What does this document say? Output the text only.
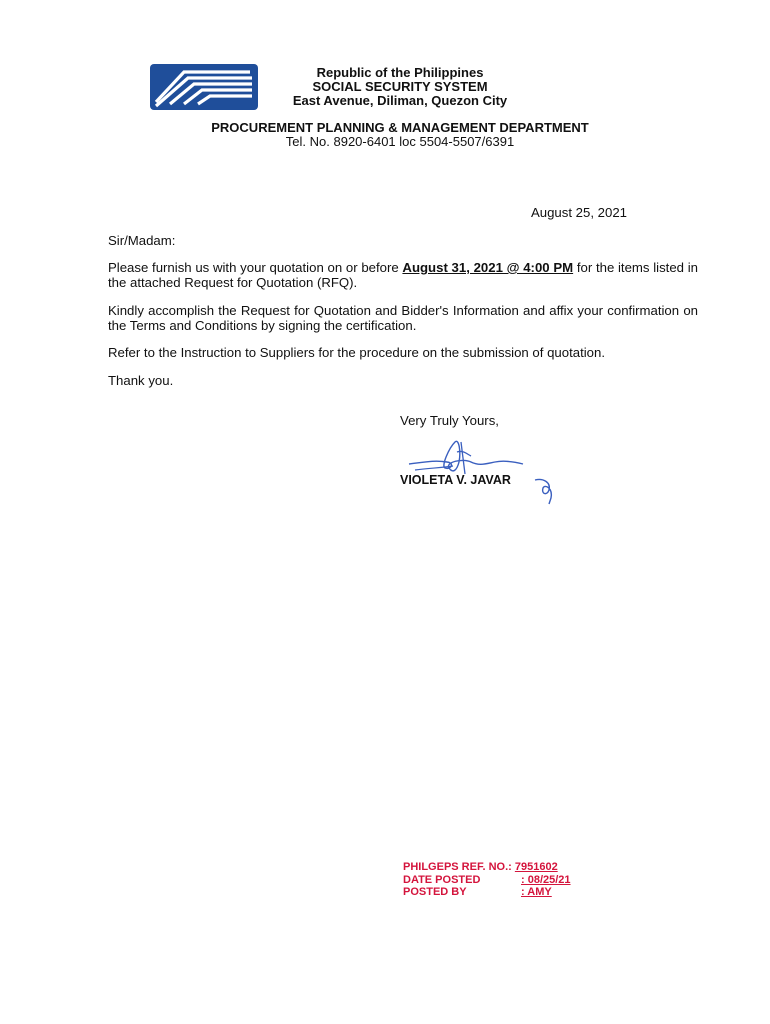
Republic of the Philippines
SOCIAL SECURITY SYSTEM
East Avenue, Diliman, Quezon City
PROCUREMENT PLANNING & MANAGEMENT DEPARTMENT
Tel. No. 8920-6401 loc 5504-5507/6391
August 25, 2021
Sir/Madam:
Please furnish us with your quotation on or before August 31, 2021 @ 4:00 PM for the items listed in the attached Request for Quotation (RFQ).
Kindly accomplish the Request for Quotation and Bidder's Information and affix your confirmation on the Terms and Conditions by signing the certification.
Refer to the Instruction to Suppliers for the procedure on the submission of quotation.
Thank you.
Very Truly Yours,
VIOLETA V. JAVAR
PHILGEPS REF. NO.: 7951602
DATE POSTED	: 08/25/21
POSTED BY	: AMY
